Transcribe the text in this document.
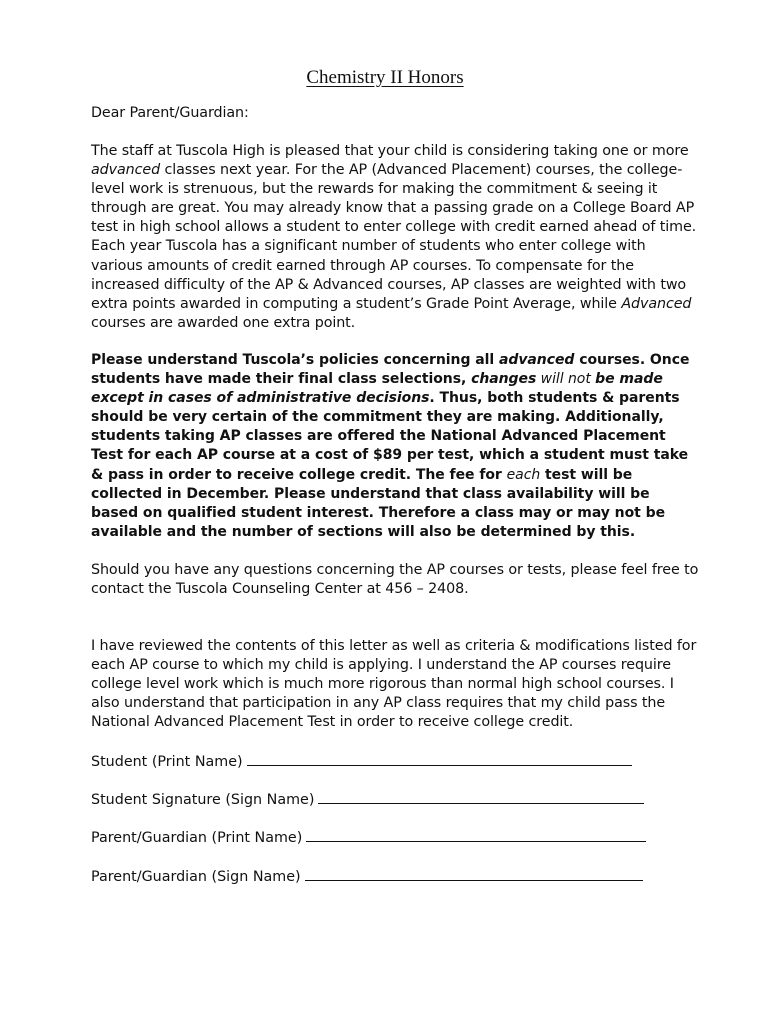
Chemistry II Honors
Dear Parent/Guardian:
The staff at Tuscola High is pleased that your child is considering taking one or more advanced classes next year. For the AP (Advanced Placement) courses, the college-level work is strenuous, but the rewards for making the commitment & seeing it through are great. You may already know that a passing grade on a College Board AP test in high school allows a student to enter college with credit earned ahead of time. Each year Tuscola has a significant number of students who enter college with various amounts of credit earned through AP courses. To compensate for the increased difficulty of the AP & Advanced courses, AP classes are weighted with two extra points awarded in computing a student’s Grade Point Average, while Advanced courses are awarded one extra point.
Please understand Tuscola’s policies concerning all advanced courses. Once students have made their final class selections, changes will not be made except in cases of administrative decisions. Thus, both students & parents should be very certain of the commitment they are making. Additionally, students taking AP classes are offered the National Advanced Placement Test for each AP course at a cost of $89 per test, which a student must take & pass in order to receive college credit. The fee for each test will be collected in December. Please understand that class availability will be based on qualified student interest. Therefore a class may or may not be available and the number of sections will also be determined by this.
Should you have any questions concerning the AP courses or tests, please feel free to contact the Tuscola Counseling Center at 456 – 2408.
I have reviewed the contents of this letter as well as criteria & modifications listed for each AP course to which my child is applying. I understand the AP courses require college level work which is much more rigorous than normal high school courses. I also understand that participation in any AP class requires that my child pass the National Advanced Placement Test in order to receive college credit.
Student (Print Name)
Student Signature (Sign Name)
Parent/Guardian (Print Name)
Parent/Guardian (Sign Name)
